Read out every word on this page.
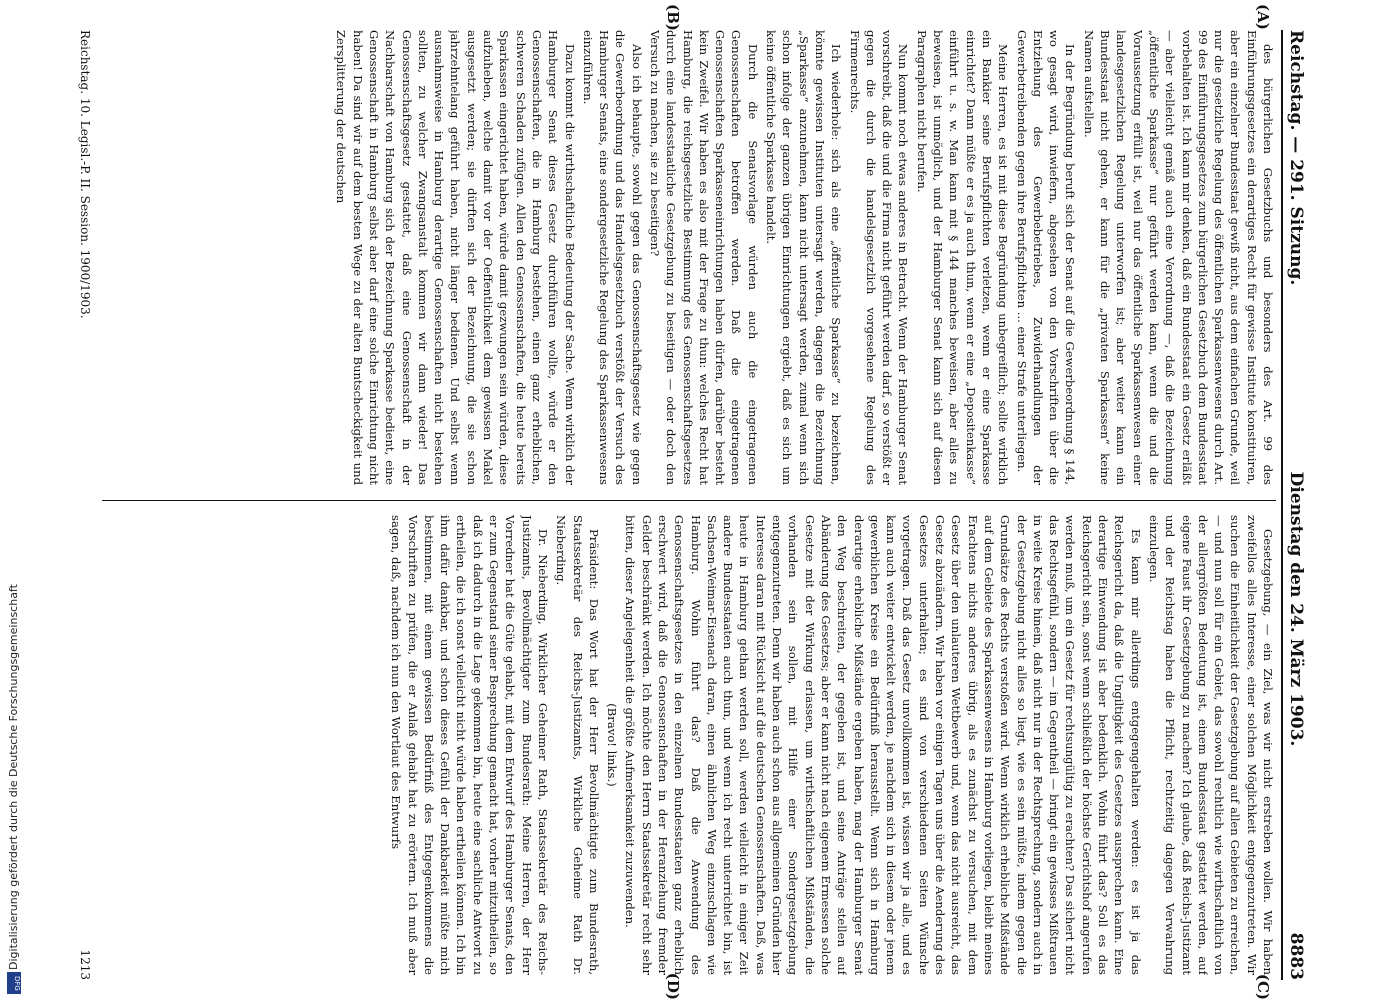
Digitalisierung gefördert durch die Deutsche Forschungsgemeinschaft
DFG
Reichstag. — 291. Sitzung.
Dienstag den 24. März 1903.
8883
(A)
(B)
(C)
(D)

des bürgerlichen Gesetzbuchs und besonders des Art. 99 des Einführungsgesetzes ein derartiges Recht für gewisse Institute konstituiren, aber ein einzelner Bundesstaat gewiß nicht, aus dem einfachen Grunde, weil nur die gesetzliche Regelung des öffentlichen Sparkassenwesens durch Art. 99 des Einführungsgesetzes zum bürgerlichen Gesetzbuch dem Bundesstaat vorbehalten ist. Ich kann mir denken, daß ein Bundesstaat ein Gesetz erläßt — aber vielleicht gemäß auch eine Verordnung —, daß die Bezeichnung „öffentliche Sparkasse“ nur geführt werden kann, wenn die und die Voraussetzung erfüllt ist, weil nur das öffentliche Sparkassenwesen einer landesgesetzlichen Regelung unterworfen ist; aber weiter kann ein Bundesstaat nicht gehen, er kann für die „privaten Sparkassen“ keine Namen aufstellen.

In der Begründung beruft sich der Senat auf die Gewerbeordnung § 144, wo gesagt wird, inwiefern, abgesehen von den Vorschriften über die Entziehung des Gewerbebetriebes, Zuwiderhandlungen der Gewerbetreibenden gegen ihre Berufspflichten ... einer Strafe unterliegen.

Meine Herren, es ist mit diese Begründung unbegreiflich; sollte wirklich ein Bankier seine Berufspflichten verletzen, wenn er eine Sparkasse einrichtet? Dann müßte er es ja auch thun, wenn er eine „Depositenkasse“ einführt u. s. w. Man kann mit § 144 manches beweisen, aber alles zu beweisen, ist unmöglich, und der Hamburger Senat kann sich auf diesen Paragraphen nicht berufen.

Nun kommt noch etwas anderes in Betracht. Wenn der Hamburger Senat vorschreibt, daß die und die Firma nicht geführt werden darf, so verstößt er gegen die durch die handelsgesetzlich vorgesehene Regelung des Firmenrechts.

Ich wiederhole: sich als eine „öffentliche Sparkasse“ zu bezeichnen, könnte gewissen Instituten untersagt werden, dagegen die Bezeichnung „Sparkasse“ anzunehmen, kann nicht untersagt werden, zumal wenn sich schon infolge der ganzen übrigen Einrichtungen ergiebt, daß es sich um keine öffentliche Sparkasse handelt.

Durch die Senatsvorlage würden auch die eingetragenen Genossenschaften betroffen werden. Daß die eingetragenen Genossenschaften Sparkasseneinrichtungen haben dürfen, darüber besteht kein Zweifel. Wir haben es also mit der Frage zu thun: welches Recht hat Hamburg, die reichsgesetzliche Bestimmung des Genossenschaftsgesetzes durch eine landesstaatliche Gesetzgebung zu beseitigen — oder doch den Versuch zu machen, sie zu beseitigen?

Also ich behaupte, sowohl gegen das Genossenschaftsgesetz wie gegen die Gewerbeordnung und das Handelsgesetzbuch verstößt der Versuch des Hamburger Senats, eine sondergesetzliche Regelung des Sparkassenwesens einzuführen.

Dazu kommt die wirthschaftliche Bedeutung der Sache. Wenn wirklich der Hamburger Senat dieses Gesetz durchführen wollte, würde er den Genossenschaften, die in Hamburg bestehen, einen ganz erheblichen, schweren Schaden zufügen. Allen den Genossenschaften, die heute bereits Sparkassen eingerichtet haben, würde damit gezwungen sein würden, diese aufzuheben, welche damit vor der Oeffentlichkeit dem gewissen Makel ausgesetzt werden; sie dürften sich der Bezeichnung, die sie schon jahrzehntelang geführt haben, nicht länger bedienen. Und selbst wenn ausnahmsweise in Hamburg derartige Genossenschaften nicht bestehen sollten, zu welcher Zwangsanstalt kommen wir dann wieder! Das Genossenschaftsgesetz gestattet, daß eine Genossenschaft in der Nachbarschaft von Hamburg sich der Bezeichnung Sparkasse bedient, eine Genossenschaft in Hamburg selbst aber darf eine solche Einrichtung nicht haben! Da sind wir auf dem besten Wege zu der alten Buntscheckigkeit und Zersplitterung der deutschen

Gesetzgebung, — ein Ziel, was wir nicht erstreben wollen. Wir haben zweifellos alles Interesse, einer solchen Möglichkeit entgegenzutreten. Wir suchen die Einheitlichkeit der Gesetzgebung auf allen Gebieten zu erreichen, — und nun soll für ein Gebiet, das sowohl rechtlich wie wirthschaftlich von der allergrößten Bedeutung ist, einem Bundesstaat gestattet werden, auf eigene Faust ihr Gesetzgebung zu machen? Ich glaube, daß Reichs-Justizamt und der Reichstag haben die Pflicht, rechtzeitig dagegen Verwahrung einzulegen.

Es kann mir allerdings entgegengehalten werden: es ist ja das Reichsgericht da, daß die Ungiltigkeit des Gesetzes aussprechen kann. Eine derartige Einwendung ist aber bedenklich. Wohin führt das? Soll es das Reichsgericht sein, sonst wenn schließlich der höchste Gerichtshof angerufen werden muß, um ein Gesetz für rechtsungültig zu erachten? Das sichert nicht das Rechtsgefühl, sondern — im Gegentheil — bringt ein gewisses Mißtrauen in weite Kreise hinein, daß nicht nur in der Rechtsprechung, sondern auch in der Gesetzgebung nicht alles so liegt, wie es sein müßte, indem gegen die Grundsätze des Rechts verstoßen wird. Wenn wirklich erhebliche Mißstände auf dem Gebiete des Sparkassenwesens in Hamburg vorliegen, bleibt meines Erachtens nichts anderes übrig, als es zunächst zu versuchen, mit dem Gesetz über den unlauteren Wettbewerb und, wenn das nicht ausreicht, das Gesetz abzuändern. Wir haben vor einigen Tagen uns über die Aenderung des Gesetzes unterhalten; es sind von verschiedenen Seiten Wünsche vorgetragen. Daß das Gesetz unvollkommen ist, wissen wir ja alle, und es kann auch weiter entwickelt werden, je nachdem sich in diesem oder jenem gewerblichen Kreise ein Bedürfniß herausstellt. Wenn sich in Hamburg derartige erhebliche Mißstände ergeben haben, mag der Hamburger Senat den Weg beschreiten, der gegeben ist, und seine Anträge stellen auf Abänderung des Gesetzes; aber er kann nicht nach eigenem Ermessen solche Gesetze mit der Wirkung erlassen, um wirthschaftlichen Mißständen, die vorhanden sein sollen, mit Hilfe einer Sondergesetzgebung entgegenzutreten. Denn wir haben auch schon aus allgemeinen Gründen hier Interesse daran mit Rücksicht auf die deutschen Genossenschaften. Daß, was heute in Hamburg gethan werden soll, werden vielleicht in einiger Zeit andere Bundesstaaten auch thun, und wenn ich recht unterrichtet bin, ist Sachsen-Weimar-Eisenach daran, einen ähnlichen Weg einzuschlagen wie Hamburg. Wohin führt das? Daß die Anwendung des Genossenschaftsgesetzes in den einzelnen Bundesstaaten ganz erheblich erschwert wird, daß die Genossenschaften in der Heranziehung fremder Gelder beschränkt werden. Ich möchte den Herrn Staatssekretär recht sehr bitten, dieser Angelegenheit die größte Aufmerksamkeit zuzuwenden.

(Bravo! links.)

Präsident: Das Wort hat der Herr Bevollmächtigte zum Bundesrath, Staatssekretär des Reichs-Justizamts, Wirkliche Geheime Rath Dr. Nieberding.

Dr. Nieberding, Wirklicher Geheimer Rath, Staatssekretär des Reichs-Justizamts, Bevollmächtigter zum Bundesrath: Meine Herren, der Herr Vorredner hat die Güte gehabt, mit dem Entwurf des Hamburger Senats, den er zum Gegenstand seiner Besprechung gemacht hat, vorher mitzutheilen, so daß ich dadurch in die Lage gekommen bin, heute eine sachliche Antwort zu ertheilen, die ich sonst vielleicht nicht würde haben ertheilen können. Ich bin ihm dafür dankbar, und schon dieses Gefühl der Dankbarkeit müßte mich bestimmen, mit einem gewissen Bedürfniß des Entgegenkommens die Vorschriften zu prüfen, die er Anlaß gehabt hat zu erörtern. Ich muß aber sagen, daß, nachdem ich nun den Wortlaut des Entwurfs

Reichstag. 10. Legisl.-P. II. Session. 1900/1903.
1213
